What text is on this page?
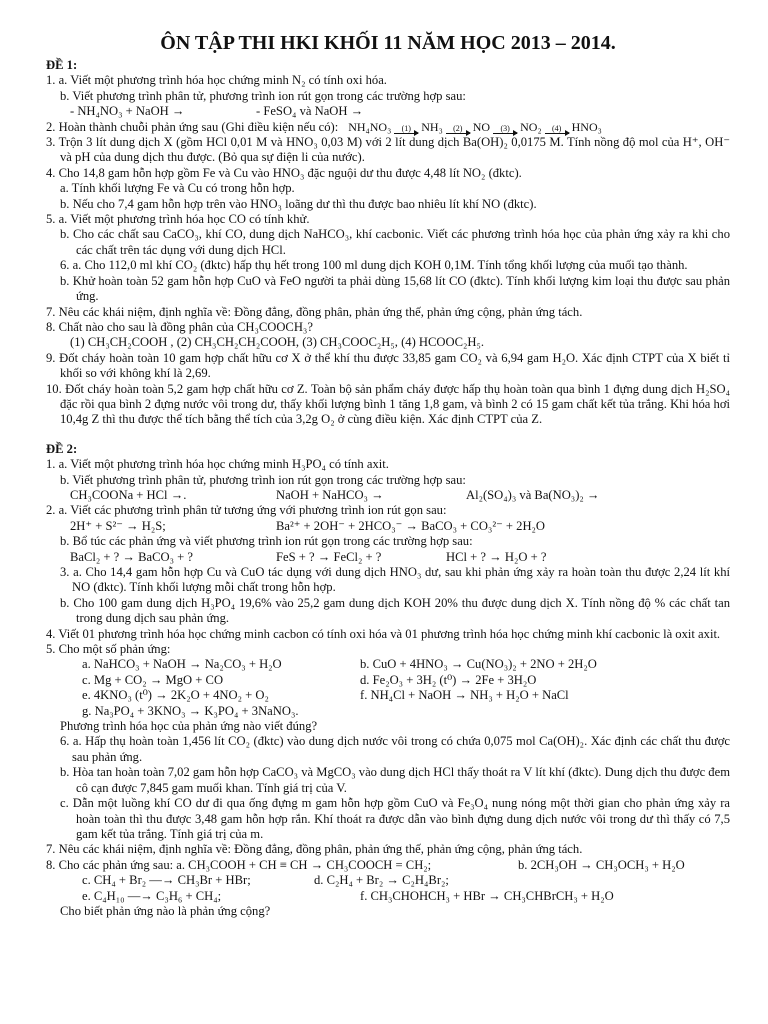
ÔN TẬP THI HKI KHỐI 11 NĂM HỌC 2013 – 2014.

ĐỀ 1:

1. a. Viết một phương trình hóa học chứng minh N₂ có tính oxi hóa.

b. Viết phương trình phân tử, phương trình ion rút gọn trong các trường hợp sau:

- NH₄NO₃ + NaOH →	- FeSO₄ và NaOH →
2. Hoàn thành chuỗi phản ứng sau (Ghi điều kiện nếu có): NH₄NO₃ (1) NH₃ (2) NO (3) NO₂ (4) HNO₃

3. Trộn 3 lít dung dịch X (gồm HCl 0,01 M và HNO₃ 0,03 M) với 2 lít dung dịch Ba(OH)₂ 0,0175 M. Tính nồng độ mol của H⁺, OH⁻ và pH của dung dịch thu được. (Bỏ qua sự điện li của nước).

4. Cho 14,8 gam hỗn hợp gồm Fe và Cu vào HNO₃ đặc nguội dư thu được 4,48 lít NO₂ (đktc).

a. Tính khối lượng Fe và Cu có trong hỗn hợp.

b. Nếu cho 7,4 gam hỗn hợp trên vào HNO₃ loãng dư thì thu được bao nhiêu lít khí NO (đktc).

5. a. Viết một phương trình hóa học CO có tính khử.

b. Cho các chất sau CaCO₃, khí CO, dung dịch NaHCO₃, khí cacbonic. Viết các phương trình hóa học của phản ứng xảy ra khi cho các chất trên tác dụng với dung dịch HCl.

6. a. Cho 112,0 ml khí CO₂ (đktc) hấp thụ hết trong 100 ml dung dịch KOH 0,1M. Tính tổng khối lượng của muối tạo thành.

b. Khử hoàn toàn 52 gam hỗn hợp CuO và FeO người ta phải dùng 15,68 lít CO (đktc). Tính khối lượng kim loại thu được sau phản ứng.

7. Nêu các khái niệm, định nghĩa về: Đồng đẳng, đồng phân, phản ứng thế, phản ứng cộng, phản ứng tách.

8. Chất nào cho sau là đồng phân của CH₃COOCH₃?

(1) CH₃CH₂COOH , (2) CH₃CH₂CH₂COOH, (3) CH₃COOC₂H₅, (4) HCOOC₂H₅.

9. Đốt cháy hoàn toàn 10 gam hợp chất hữu cơ X ở thể khí thu được 33,85 gam CO₂ và 6,94 gam H₂O. Xác định CTPT của X biết tỉ khối so với không khí là 2,69.

10. Đốt cháy hoàn toàn 5,2 gam hợp chất hữu cơ Z. Toàn bộ sản phẩm cháy được hấp thụ hoàn toàn qua bình 1 đựng dung dịch H₂SO₄ đặc rồi qua bình 2 đựng nước vôi trong dư, thấy khối lượng bình 1 tăng 1,8 gam, và bình 2 có 15 gam chất kết tủa trắng. Khi hóa hơi 10,4g Z thì thu được thể tích bằng thể tích của 3,2g O₂ ở cùng điều kiện. Xác định CTPT của Z.

ĐỀ 2:

1. a. Viết một phương trình hóa học chứng minh H₃PO₄ có tính axit.

b. Viết phương trình phân tử, phương trình ion rút gọn trong các trường hợp sau:

CH₃COONa + HCl →.	NaOH + NaHCO₃ →	Al₂(SO₄)₃ và Ba(NO₃)₂ →

2. a. Viết các phương trình phân tử tương ứng với phương trình ion rút gọn sau:

2H⁺ + S²⁻ → H₂S;	Ba²⁺ + 2OH⁻ + 2HCO₃⁻ → BaCO₃ + CO₃²⁻ + 2H₂O

b. Bổ túc các phản ứng và viết phương trình ion rút gọn trong các trường hợp sau:

BaCl₂ + ? → BaCO₃ + ?	FeS + ? → FeCl₂ + ?	HCl + ? → H₂O + ?

3. a. Cho 14,4 gam hỗn hợp Cu và CuO tác dụng với dung dịch HNO₃ dư, sau khi phản ứng xảy ra hoàn toàn thu được 2,24 lít khí NO (đktc). Tính khối lượng mỗi chất trong hỗn hợp.

b. Cho 100 gam dung dịch H₃PO₄ 19,6% vào 25,2 gam dung dịch KOH 20% thu được dung dịch X. Tính nồng độ % các chất tan trong dung dịch sau phản ứng.

4. Viết 01 phương trình hóa học chứng minh cacbon có tính oxi hóa và 01 phương trình hóa học chứng minh khí cacbonic là oxit axit.

5. Cho một số phản ứng:

a. NaHCO₃ + NaOH → Na₂CO₃ + H₂O	b. CuO + 4HNO₃ → Cu(NO₃)₂ + 2NO + 2H₂O
c. Mg + CO₂ → MgO + CO	d. Fe₂O₃ + 3H₂ (t⁰) → 2Fe + 3H₂O
e. 4KNO₃ (t⁰) → 2K₂O + 4NO₂ + O₂	f. NH₄Cl + NaOH → NH₃ + H₂O + NaCl

g. Na₃PO₄ + 3KNO₃ → K₃PO₄ + 3NaNO₃.

Phương trình hóa học của phản ứng nào viết đúng?

6. a. Hấp thụ hoàn toàn 1,456 lít CO₂ (đktc) vào dung dịch nước vôi trong có chứa 0,075 mol Ca(OH)₂. Xác định các chất thu được sau phản ứng.

b. Hòa tan hoàn toàn 7,02 gam hỗn hợp CaCO₃ và MgCO₃ vào dung dịch HCl thấy thoát ra V lít khí (đktc). Dung dịch thu được đem cô cạn được 7,845 gam muối khan. Tính giá trị của V.

c. Dẫn một luồng khí CO dư đi qua ống đựng m gam hỗn hợp gồm CuO và Fe₃O₄ nung nóng một thời gian cho phản ứng xảy ra hoàn toàn thì thu được 3,48 gam hỗn hợp rắn. Khí thoát ra được dẫn vào bình đựng dung dịch nước vôi trong dư thì thấy có 7,5 gam kết tủa trắng. Tính giá trị của m.

7. Nêu các khái niệm, định nghĩa về: Đồng đẳng, đồng phân, phản ứng thế, phản ứng cộng, phản ứng tách.

8. Cho các phản ứng sau: a. CH₃COOH + CH ≡ CH → CH₃COOCH = CH₂;	b. 2CH₃OH → CH₃OCH₃ + H₂O
c. CH₄ + Br₂ —→ CH₃Br + HBr;	d. C₂H₄ + Br₂ → C₂H₄Br₂;
e. C₄H₁₀ —→ C₃H₆ + CH₄;	f. CH₃CHOHCH₃ + HBr → CH₃CHBrCH₃ + H₂O

Cho biết phản ứng nào là phản ứng cộng?
